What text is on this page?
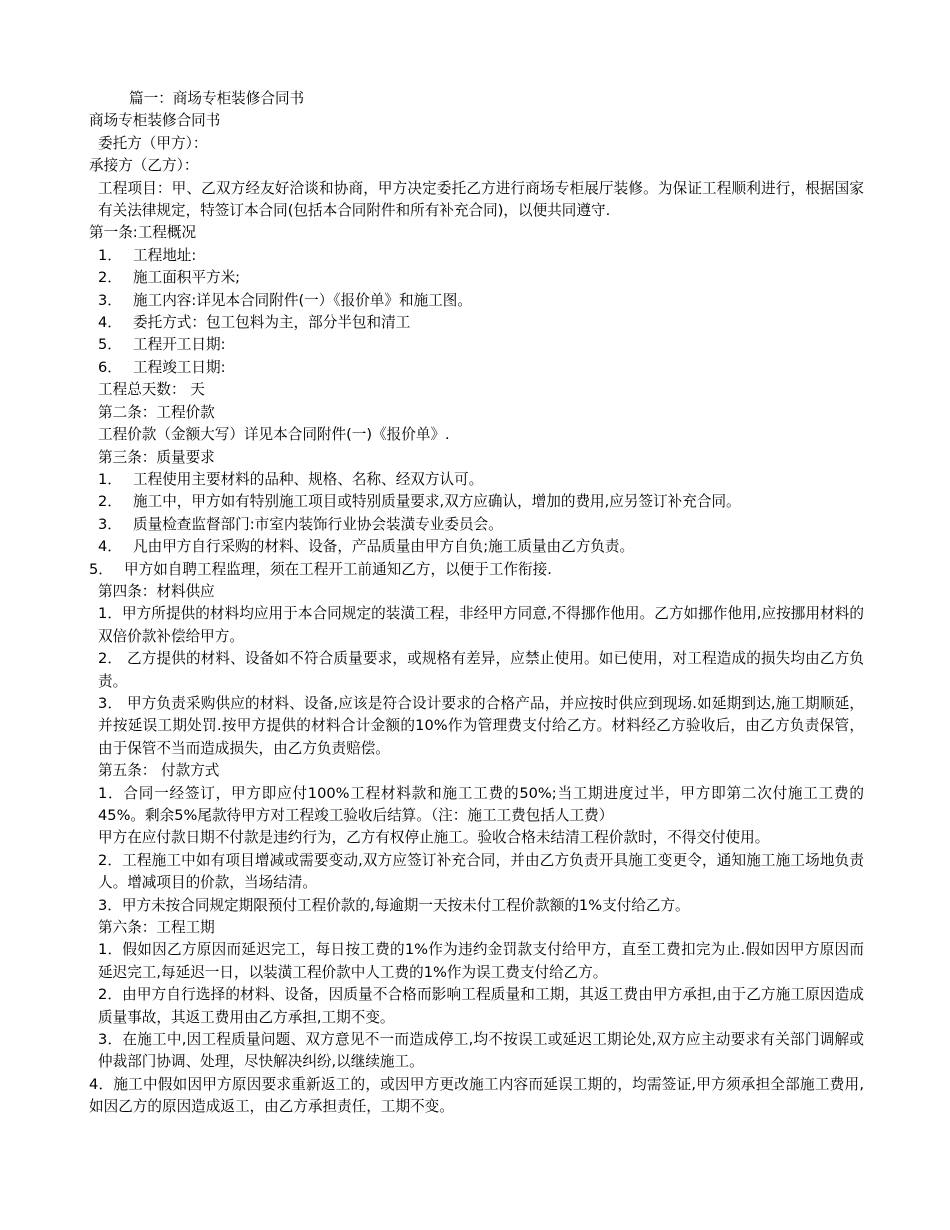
篇一：商场专柜装修合同书
商场专柜装修合同书
委托方（甲方）：
承接方（乙方）：
工程项目：甲、乙双方经友好洽谈和协商，甲方决定委托乙方进行商场专柜展厅装修。为保证工程顺利进行，根据国家有关法律规定，特签订本合同(包括本合同附件和所有补充合同)，以便共同遵守.
第一条:工程概况
1． 工程地址:
2． 施工面积平方米;
3． 施工内容:详见本合同附件(一）《报价单》和施工图。
4． 委托方式：包工包料为主，部分半包和清工
5． 工程开工日期:
6． 工程竣工日期:
工程总天数： 天
第二条：工程价款
工程价款（金额大写）详见本合同附件(一)《报价单》.
第三条：质量要求
1． 工程使用主要材料的品种、规格、名称、经双方认可。
2． 施工中，甲方如有特别施工项目或特别质量要求,双方应确认，增加的费用,应另签订补充合同。
3． 质量检查监督部门:市室内装饰行业协会装潢专业委员会。
4． 凡由甲方自行采购的材料、设备，产品质量由甲方自负;施工质量由乙方负责。
5． 甲方如自聘工程监理，须在工程开工前通知乙方，以便于工作衔接.
第四条：材料供应
1．甲方所提供的材料均应用于本合同规定的装潢工程，非经甲方同意,不得挪作他用。乙方如挪作他用,应按挪用材料的双倍价款补偿给甲方。
2． 乙方提供的材料、设备如不符合质量要求，或规格有差异，应禁止使用。如已使用，对工程造成的损失均由乙方负责。
3． 甲方负责采购供应的材料、设备,应该是符合设计要求的合格产品，并应按时供应到现场.如延期到达,施工期顺延，并按延误工期处罚.按甲方提供的材料合计金额的10%作为管理费支付给乙方。材料经乙方验收后，由乙方负责保管，由于保管不当而造成损失，由乙方负责赔偿。
第五条： 付款方式
1．合同一经签订，甲方即应付100%工程材料款和施工工费的50%;当工期进度过半，甲方即第二次付施工工费的45%。剩余5%尾款待甲方对工程竣工验收后结算。（注：施工工费包括人工费）
甲方在应付款日期不付款是违约行为，乙方有权停止施工。验收合格未结清工程价款时，不得交付使用。
2．工程施工中如有项目增减或需要变动,双方应签订补充合同，并由乙方负责开具施工变更令，通知施工施工场地负责人。增减项目的价款，当场结清。
3．甲方未按合同规定期限预付工程价款的,每逾期一天按未付工程价款额的1%支付给乙方。
第六条：工程工期
1．假如因乙方原因而延迟完工，每日按工费的1%作为违约金罚款支付给甲方，直至工费扣完为止.假如因甲方原因而延迟完工,每延迟一日，以装潢工程价款中人工费的1%作为误工费支付给乙方。
2．由甲方自行选择的材料、设备，因质量不合格而影响工程质量和工期，其返工费由甲方承担,由于乙方施工原因造成质量事故，其返工费用由乙方承担,工期不变。
3．在施工中,因工程质量问题、双方意见不一而造成停工,均不按误工或延迟工期论处,双方应主动要求有关部门调解或仲裁部门协调、处理，尽快解决纠纷,以继续施工。
4．施工中假如因甲方原因要求重新返工的，或因甲方更改施工内容而延误工期的，均需签证,甲方须承担全部施工费用,如因乙方的原因造成返工，由乙方承担责任，工期不变。
